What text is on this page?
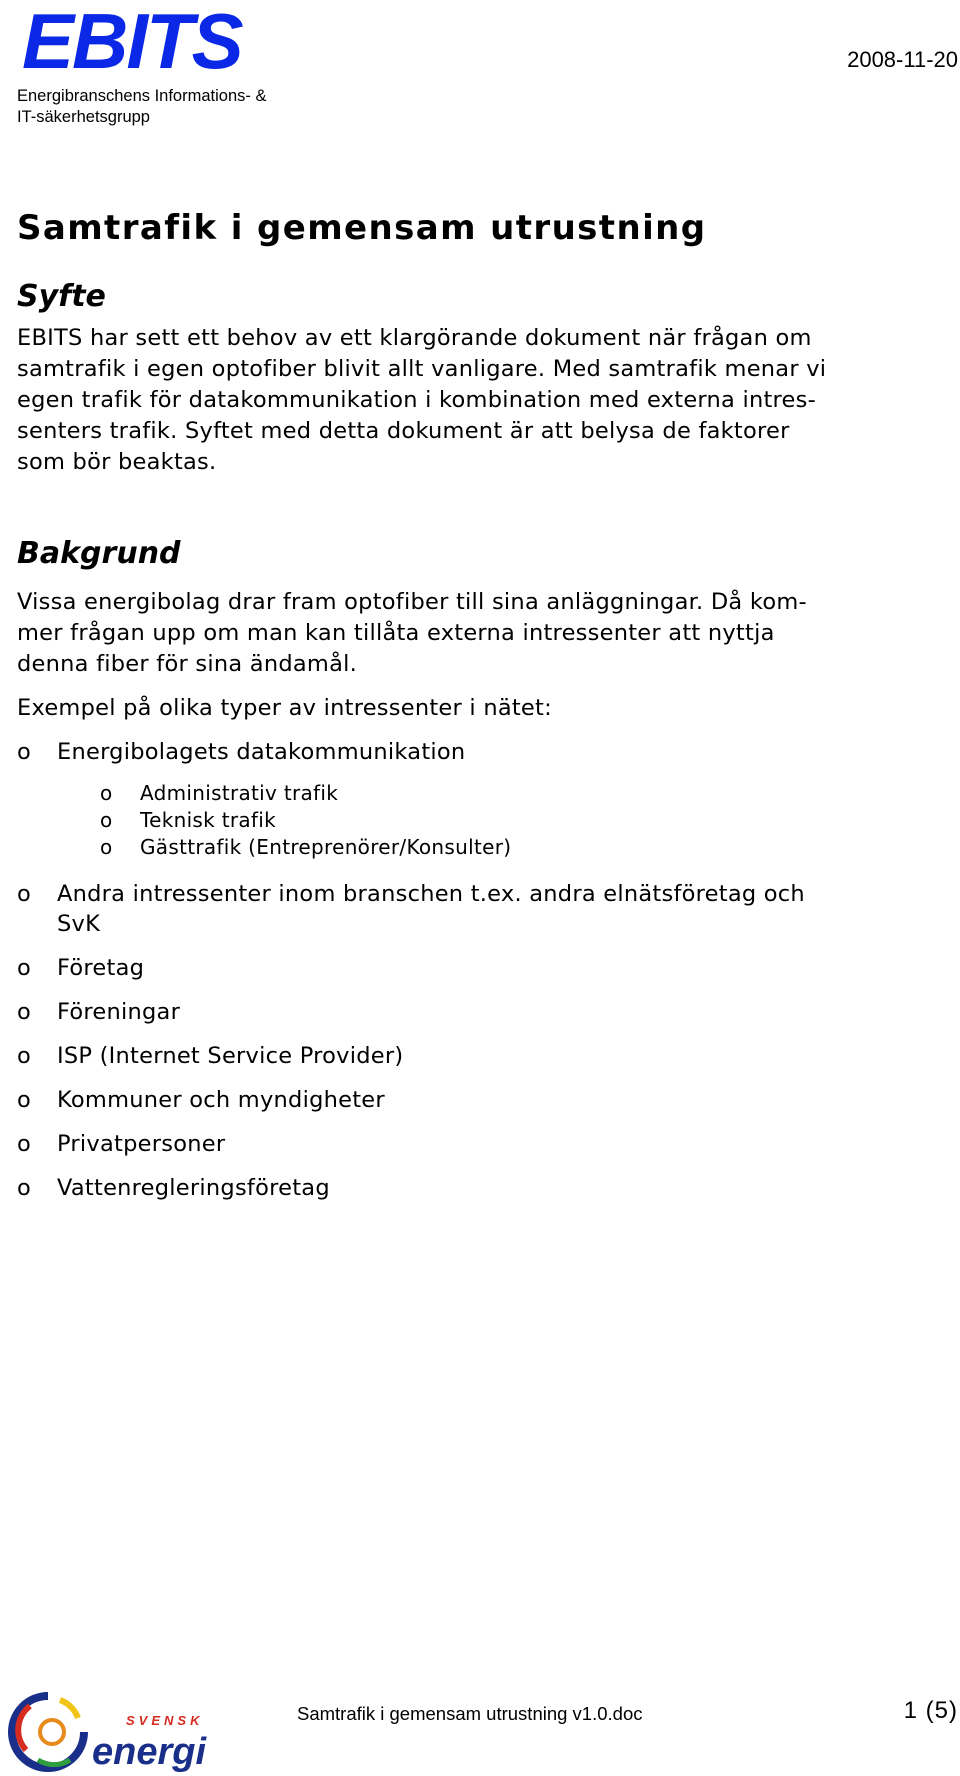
EBITS
Energibranschens Informations- &
IT-säkerhetsgrupp
2008-11-20
Samtrafik i gemensam utrustning
Syfte
EBITS har sett ett behov av ett klargörande dokument när frågan om
samtrafik i egen optofiber blivit allt vanligare. Med samtrafik menar vi
egen trafik för datakommunikation i kombination med externa intres-
senters trafik. Syftet med detta dokument är att belysa de faktorer
som bör beaktas.
Bakgrund
Vissa energibolag drar fram optofiber till sina anläggningar. Då kom-
mer frågan upp om man kan tillåta externa intressenter att nyttja
denna fiber för sina ändamål.
Exempel på olika typer av intressenter i nätet:
o Energibolagets datakommunikation
o Administrativ trafik
o Teknisk trafik
o Gästtrafik (Entreprenörer/Konsulter)
o Andra intressenter inom branschen t.ex. andra elnätsföretag och
SvK
o Företag
o Föreningar
o ISP (Internet Service Provider)
o Kommuner och myndigheter
o Privatpersoner
o Vattenregleringsföretag
SVENSK
energi
Samtrafik i gemensam utrustning v1.0.doc	1 (5)
